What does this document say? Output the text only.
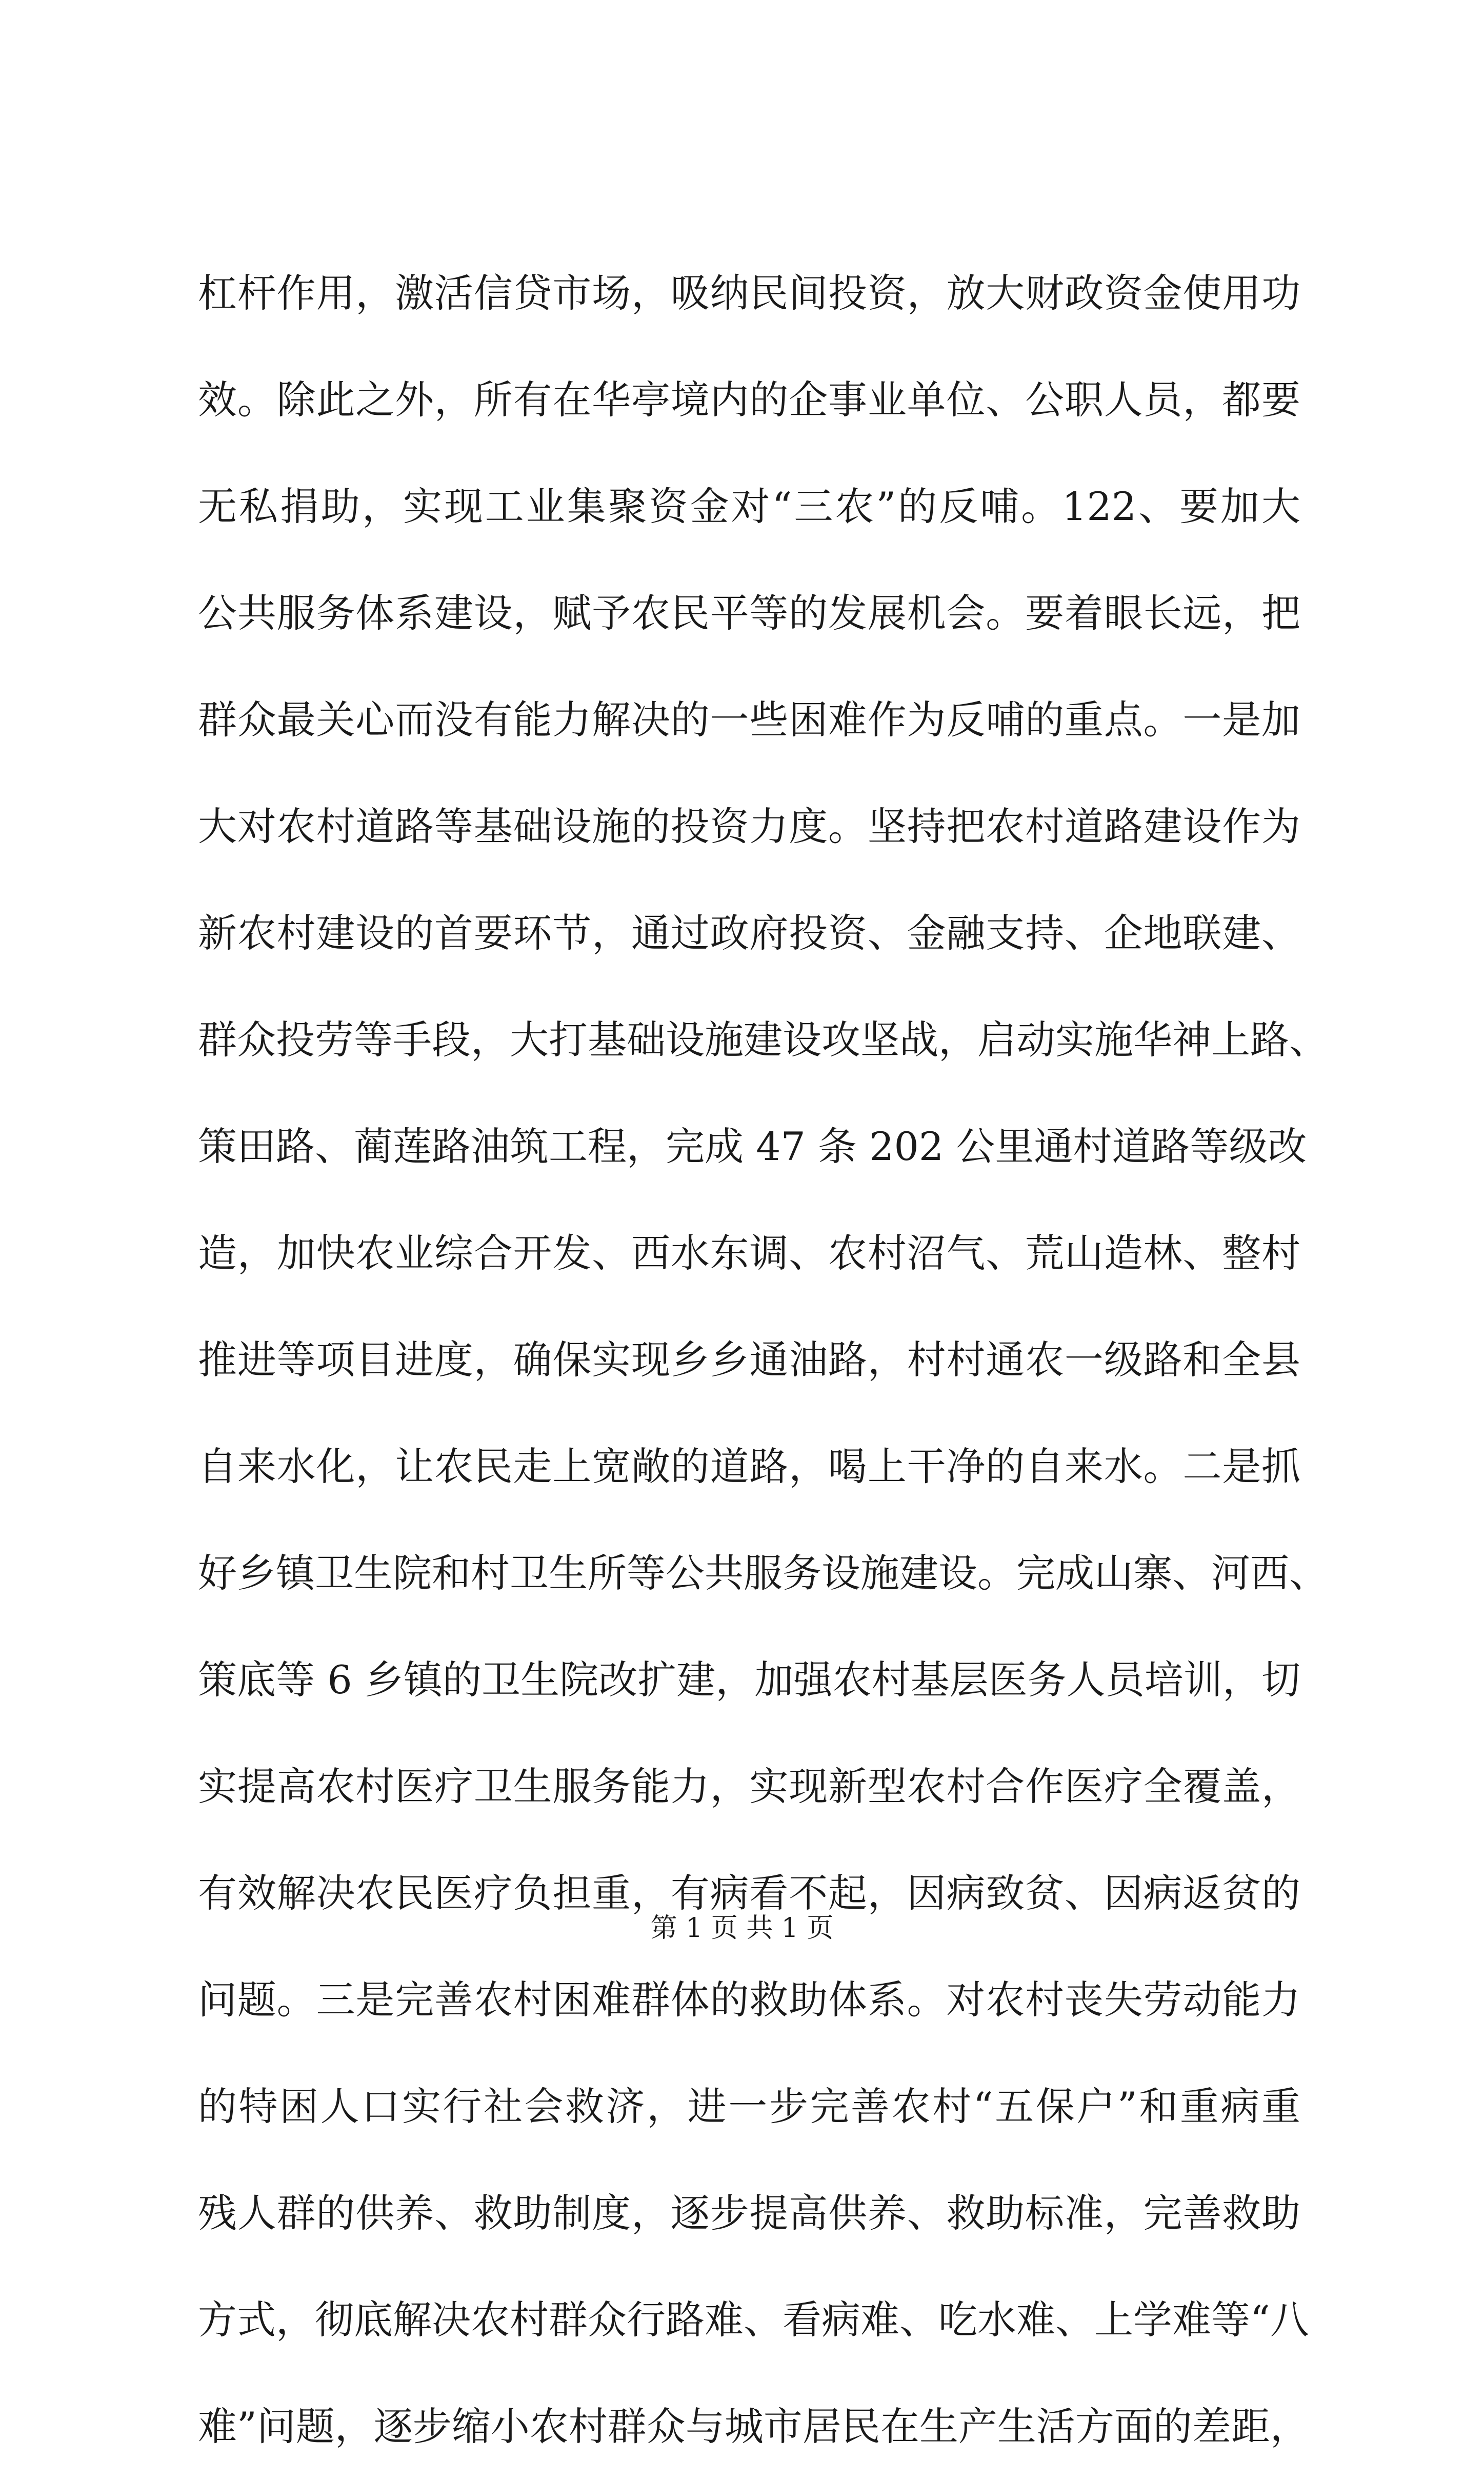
杠杆作用，激活信贷市场，吸纳民间投资，放大财政资金使用功
效。除此之外，所有在华亭境内的企事业单位、公职人员，都要
无私捐助，实现工业集聚资金对“三农”的反哺。122、要加大
公共服务体系建设，赋予农民平等的发展机会。要着眼长远，把
群众最关心而没有能力解决的一些困难作为反哺的重点。一是加
大对农村道路等基础设施的投资力度。坚持把农村道路建设作为
新农村建设的首要环节，通过政府投资、金融支持、企地联建、
群众投劳等手段，大打基础设施建设攻坚战，启动实施华神上路、
策田路、蔺莲路油筑工程，完成 47 条 202 公里通村道路等级改
造，加快农业综合开发、西水东调、农村沼气、荒山造林、整村
推进等项目进度，确保实现乡乡通油路，村村通农一级路和全县
自来水化，让农民走上宽敞的道路，喝上干净的自来水。二是抓
好乡镇卫生院和村卫生所等公共服务设施建设。完成山寨、河西、
策底等 6 乡镇的卫生院改扩建，加强农村基层医务人员培训，切
实提高农村医疗卫生服务能力，实现新型农村合作医疗全覆盖，
有效解决农民医疗负担重，有病看不起，因病致贫、因病返贫的
问题。三是完善农村困难群体的救助体系。对农村丧失劳动能力
的特困人口实行社会救济，进一步完善农村“五保户”和重病重
残人群的供养、救助制度，逐步提高供养、救助标准，完善救助
方式，彻底解决农村群众行路难、看病难、吃水难、上学难等“八
难”问题，逐步缩小农村群众与城市居民在生产生活方面的差距，
第 1 页 共 1 页
